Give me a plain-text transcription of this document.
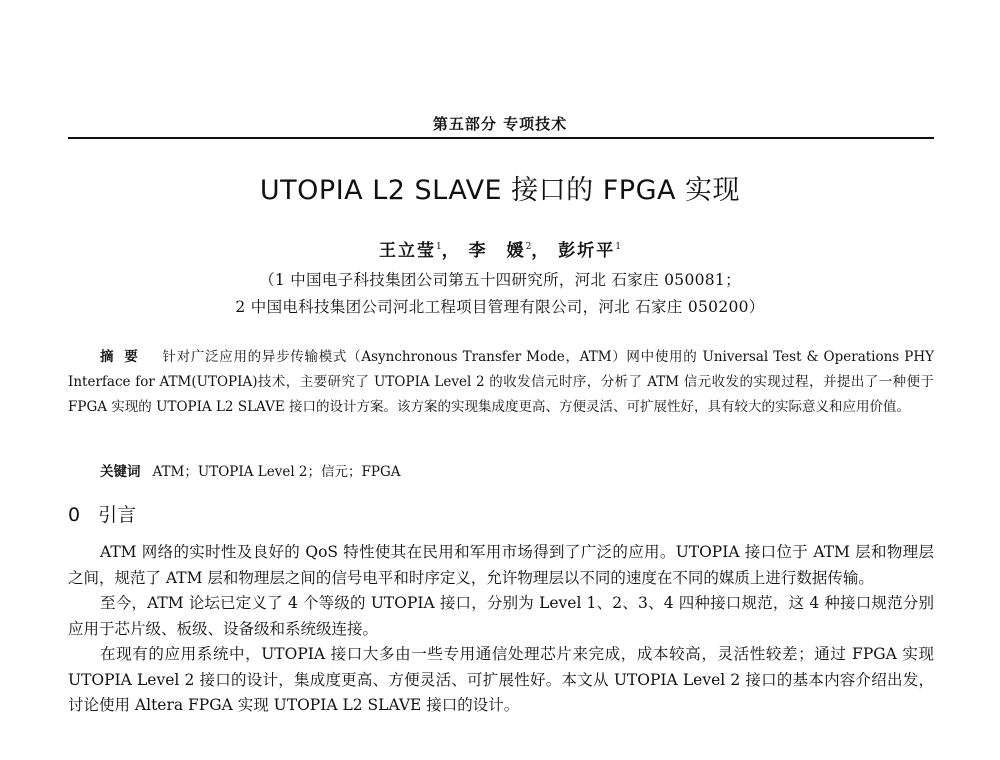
第五部分 专项技术
UTOPIA L2 SLAVE 接口的 FPGA 实现
王立莹$^1$， 李　媛$^2$， 彭圻平$^1$
（1 中国电子科技集团公司第五十四研究所，河北 石家庄 050081；
2 中国电科技集团公司河北工程项目管理有限公司，河北 石家庄 050200）
摘要 针对广泛应用的异步传输模式（Asynchronous Transfer Mode，ATM）网中使用的 Universal Test & Operations PHY Interface for ATM(UTOPIA)技术，主要研究了 UTOPIA Level 2 的收发信元时序，分析了 ATM 信元收发的实现过程，并提出了一种便于 FPGA 实现的 UTOPIA L2 SLAVE 接口的设计方案。该方案的实现集成度更高、方便灵活、可扩展性好，具有较大的实际意义和应用价值。
关键词 ATM；UTOPIA Level 2；信元；FPGA
0 引言

ATM 网络的实时性及良好的 QoS 特性使其在民用和军用市场得到了广泛的应用。UTOPIA 接口位于 ATM 层和物理层之间，规范了 ATM 层和物理层之间的信号电平和时序定义，允许物理层以不同的速度在不同的媒质上进行数据传输。

至今，ATM 论坛已定义了 4 个等级的 UTOPIA 接口，分别为 Level 1、2、3、4 四种接口规范，这 4 种接口规范分别应用于芯片级、板级、设备级和系统级连接。

在现有的应用系统中，UTOPIA 接口大多由一些专用通信处理芯片来完成，成本较高，灵活性较差；通过 FPGA 实现 UTOPIA Level 2 接口的设计，集成度更高、方便灵活、可扩展性好。本文从 UTOPIA Level 2 接口的基本内容介绍出发，讨论使用 Altera FPGA 实现 UTOPIA L2 SLAVE 接口的设计。
